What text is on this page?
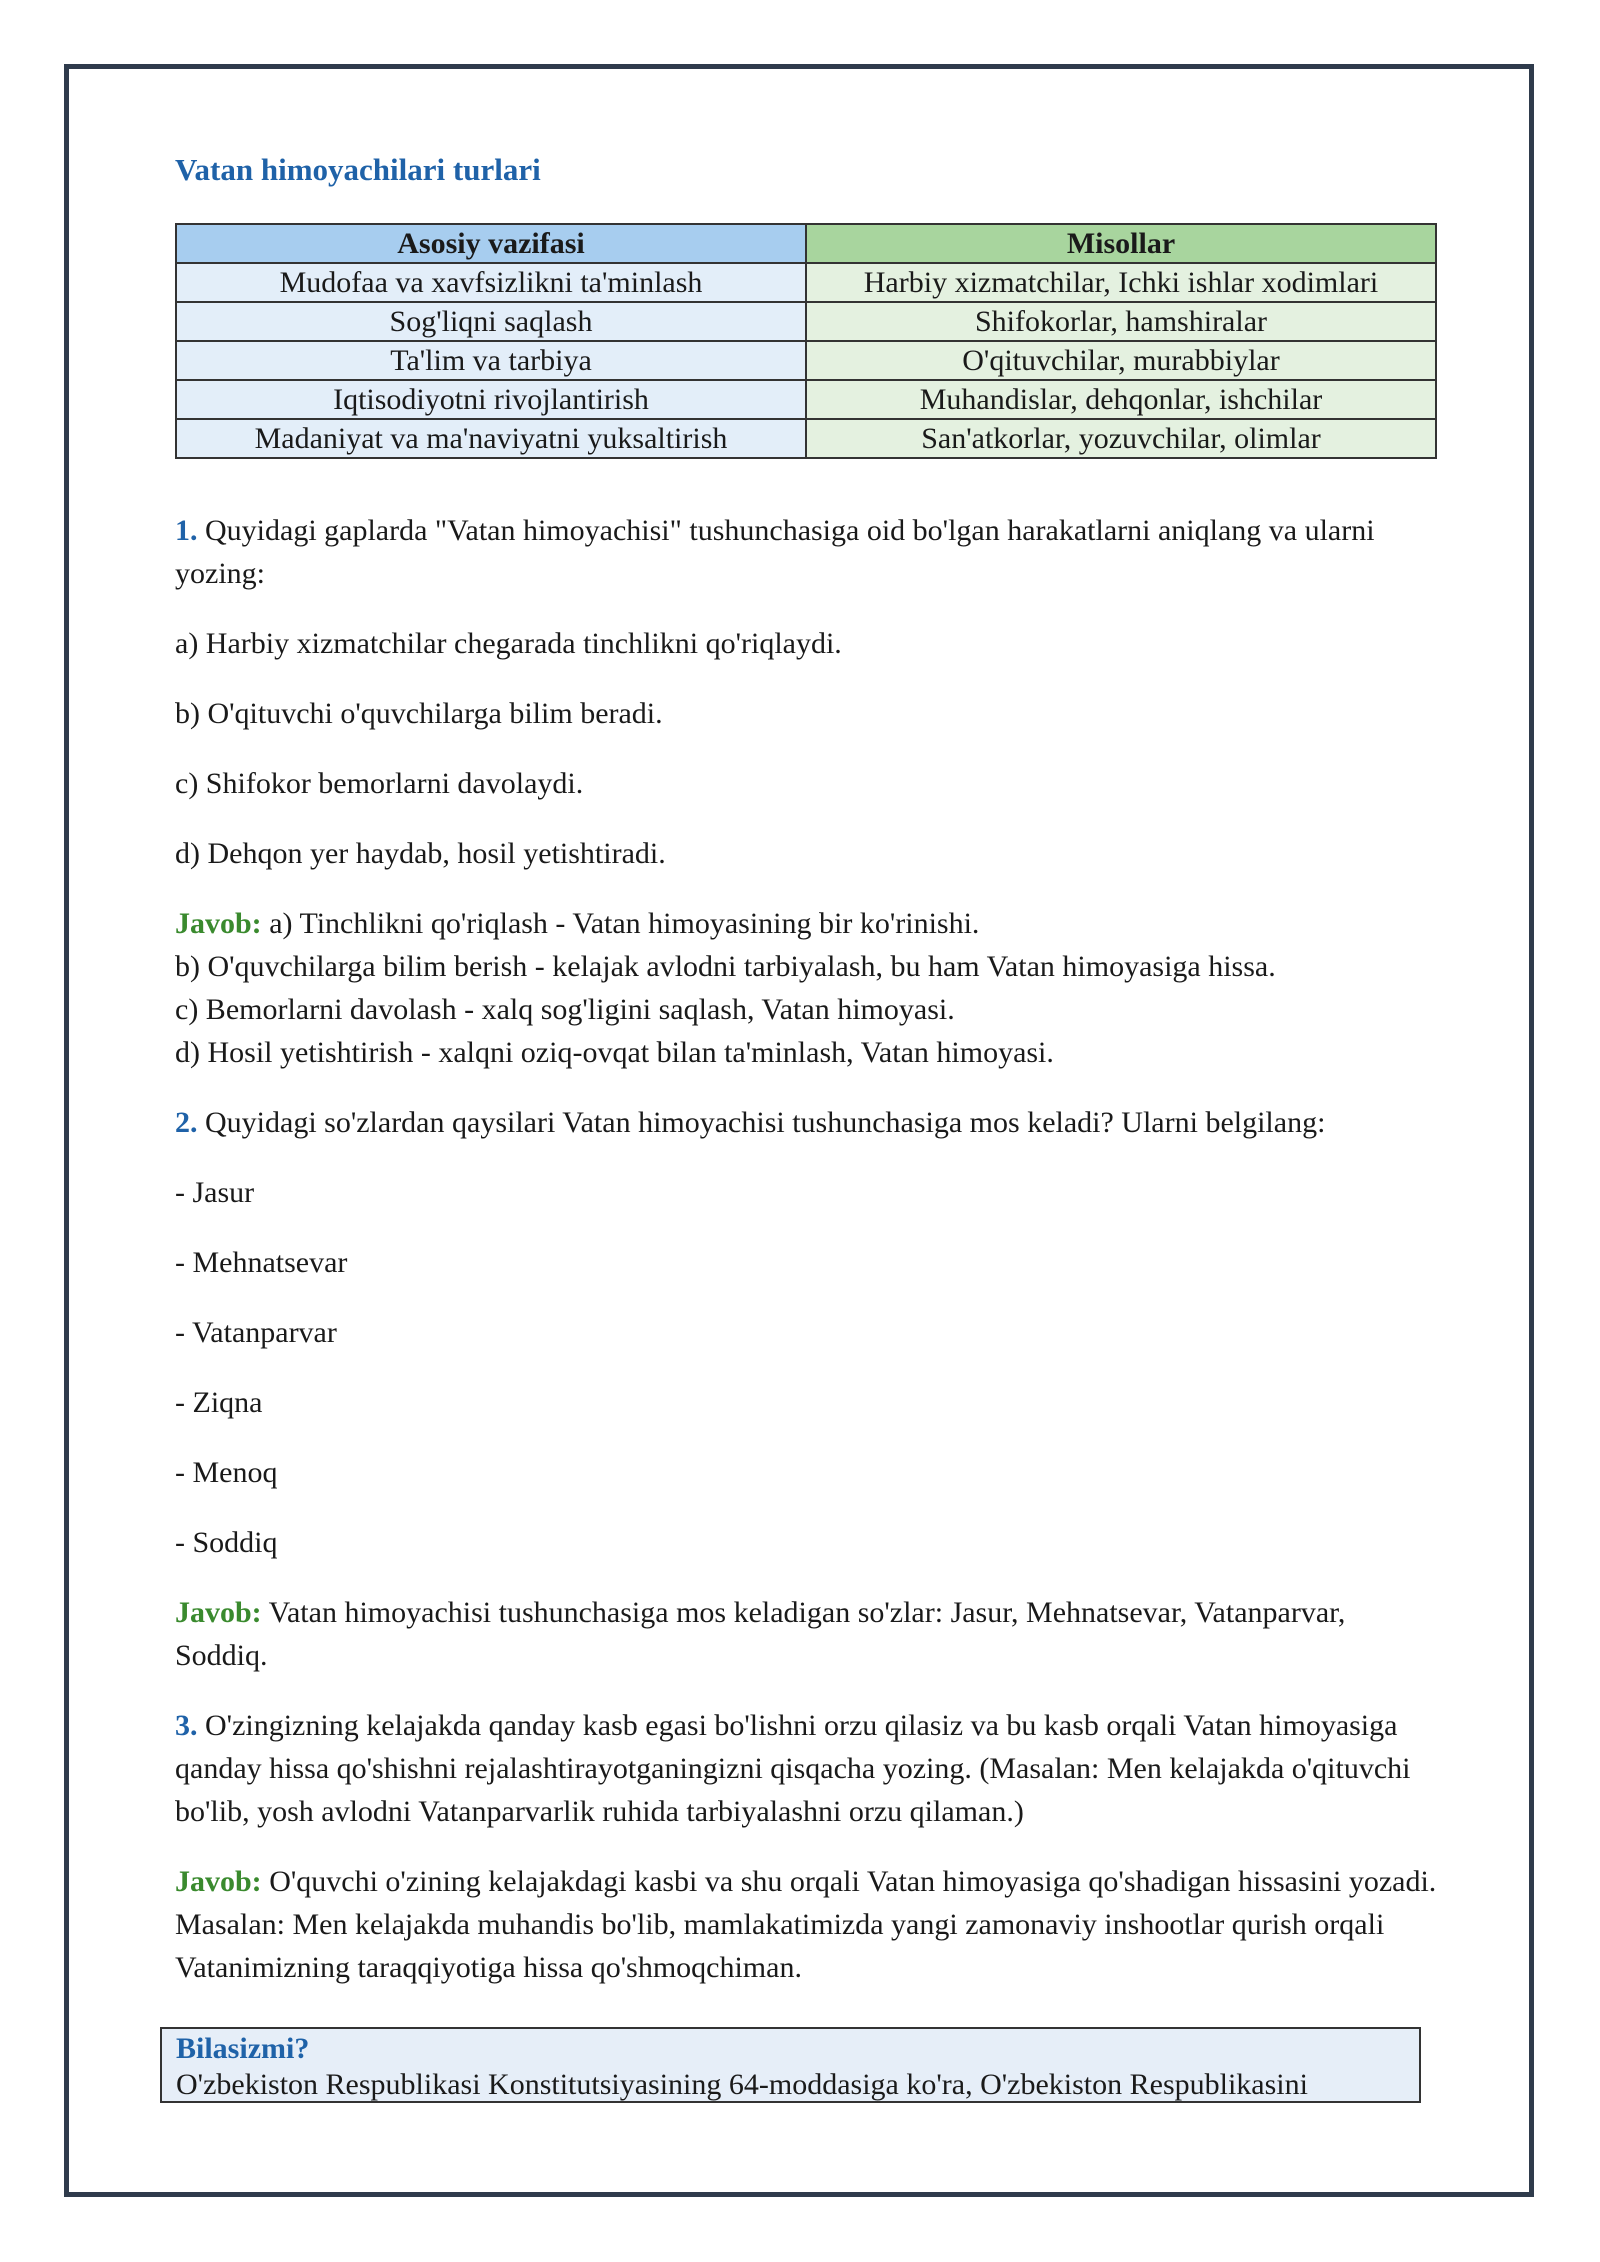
Vatan himoyachilari turlari
Asosiy vazifasi	Misollar
Mudofaa va xavfsizlikni ta'minlash	Harbiy xizmatchilar, Ichki ishlar xodimlari
Sog'liqni saqlash	Shifokorlar, hamshiralar
Ta'lim va tarbiya	O'qituvchilar, murabbiylar
Iqtisodiyotni rivojlantirish	Muhandislar, dehqonlar, ishchilar
Madaniyat va ma'naviyatni yuksaltirish	San'atkorlar, yozuvchilar, olimlar

1. Quyidagi gaplarda "Vatan himoyachisi" tushunchasiga oid bo'lgan harakatlarni aniqlang va ularni yozing:

a) Harbiy xizmatchilar chegarada tinchlikni qo'riqlaydi.
b) O'qituvchi o'quvchilarga bilim beradi.
c) Shifokor bemorlarni davolaydi.
d) Dehqon yer haydab, hosil yetishtiradi.
Javob: a) Tinchlikni qo'riqlash - Vatan himoyasining bir ko'rinishi.
b) O'quvchilarga bilim berish - kelajak avlodni tarbiyalash, bu ham Vatan himoyasiga hissa.
c) Bemorlarni davolash - xalq sog'ligini saqlash, Vatan himoyasi.
d) Hosil yetishtirish - xalqni oziq-ovqat bilan ta'minlash, Vatan himoyasi.

2. Quyidagi so'zlardan qaysilari Vatan himoyachisi tushunchasiga mos keladi? Ularni belgilang:

- Jasur
- Mehnatsevar
- Vatanparvar
- Ziqna
- Menoq
- Soddiq

Javob: Vatan himoyachisi tushunchasiga mos keladigan so'zlar: Jasur, Mehnatsevar, Vatanparvar, Soddiq.

3. O'zingizning kelajakda qanday kasb egasi bo'lishni orzu qilasiz va bu kasb orqali Vatan himoyasiga qanday hissa qo'shishni rejalashtirayotganingizni qisqacha yozing. (Masalan: Men kelajakda o'qituvchi bo'lib, yosh avlodni Vatanparvarlik ruhida tarbiyalashni orzu qilaman.)

Javob: O'quvchi o'zining kelajakdagi kasbi va shu orqali Vatan himoyasiga qo'shadigan hissasini yozadi. Masalan: Men kelajakda muhandis bo'lib, mamlakatimizda yangi zamonaviy inshootlar qurish orqali Vatanimizning taraqqiyotiga hissa qo'shmoqchiman.

Bilasizmi?
O'zbekiston Respublikasi Konstitutsiyasining 64-moddasiga ko'ra, O'zbekiston Respublikasini
